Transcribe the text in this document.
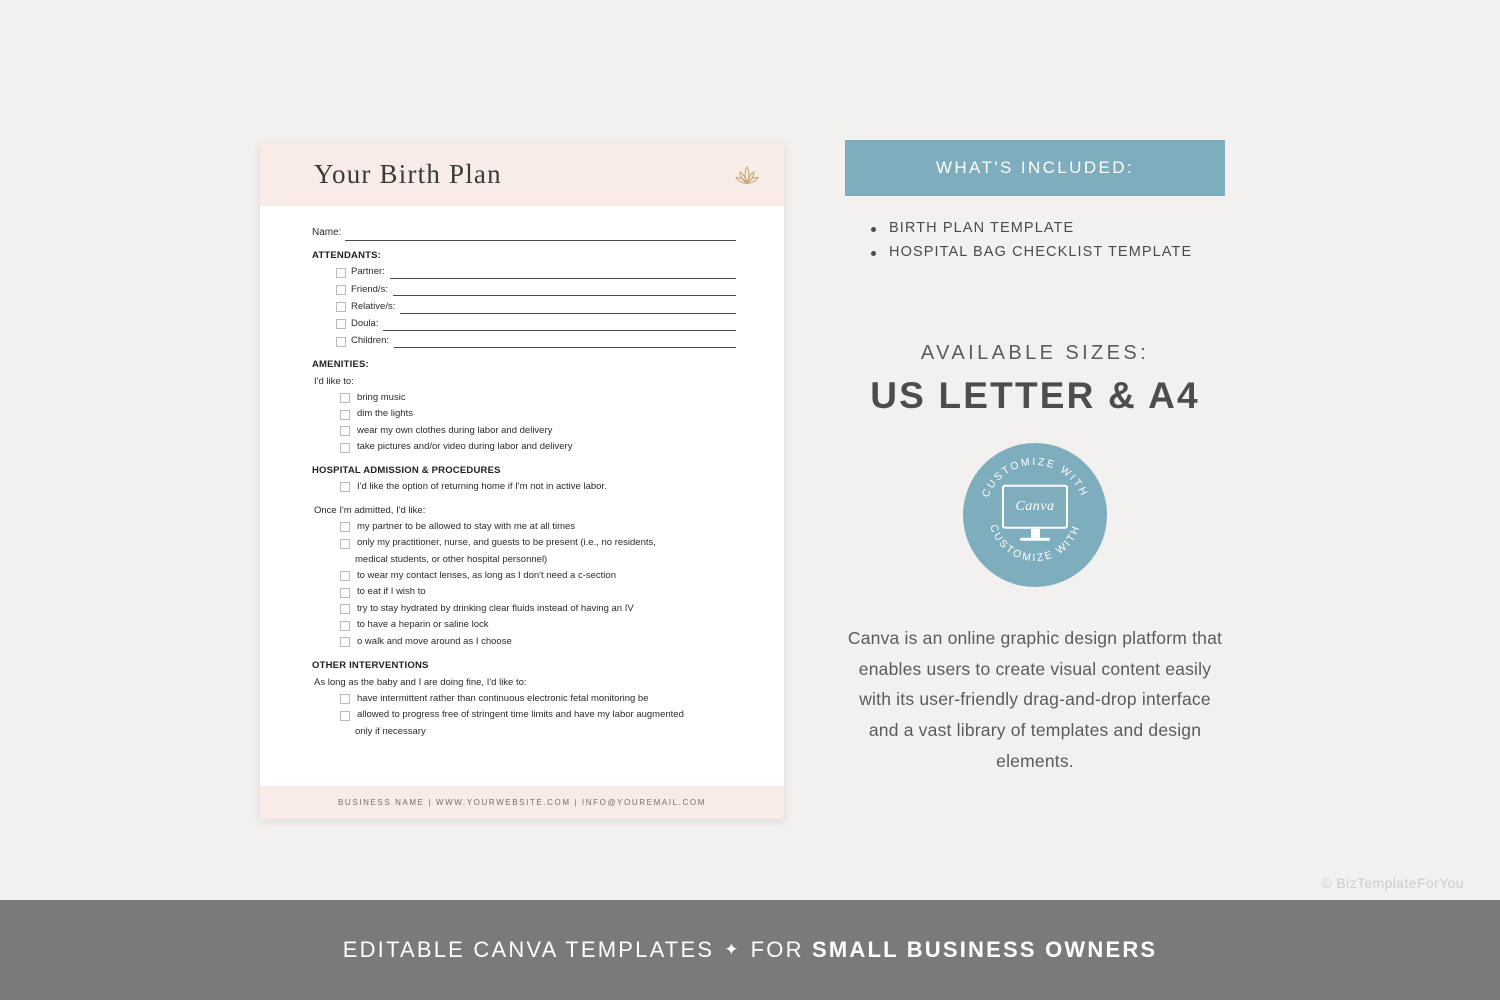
Your Birth Plan
Name:
ATTENDANTS:
Partner:
Friend/s:
Relative/s:
Doula:
Children:
AMENITIES:
I'd like to:
bring music
dim the lights
wear my own clothes during labor and delivery
take pictures and/or video during labor and delivery
HOSPITAL ADMISSION & PROCEDURES
I'd like the option of returning home if I'm not in active labor.
Once I'm admitted, I'd like:
my partner to be allowed to stay with me at all times
only my practitioner, nurse, and guests to be present (i.e., no residents,
medical students, or other hospital personnel)
to wear my contact lenses, as long as I don't need a c-section
to eat if I wish to
try to stay hydrated by drinking clear fluids instead of having an IV
to have a heparin or saline lock
o walk and move around as I choose
OTHER INTERVENTIONS
As long as the baby and I are doing fine, I'd like to:
have intermittent rather than continuous electronic fetal monitoring be
allowed to progress free of stringent time limits and have my labor augmented
only if necessary
BUSINESS NAME | WWW.YOURWEBSITE.COM | INFO@YOUREMAIL.COM
WHAT'S INCLUDED:
BIRTH PLAN TEMPLATE
HOSPITAL BAG CHECKLIST TEMPLATE
AVAILABLE SIZES:
US LETTER & A4
CUSTOMIZE WITH
CUSTOMIZE WITH
Canva
Canva is an online graphic design platform that enables users to create visual content easily with its user-friendly drag-and-drop interface and a vast library of templates and design elements.
© BizTemplateForYou
EDITABLE CANVA TEMPLATES ✦ FOR
SMALL BUSINESS OWNERS
